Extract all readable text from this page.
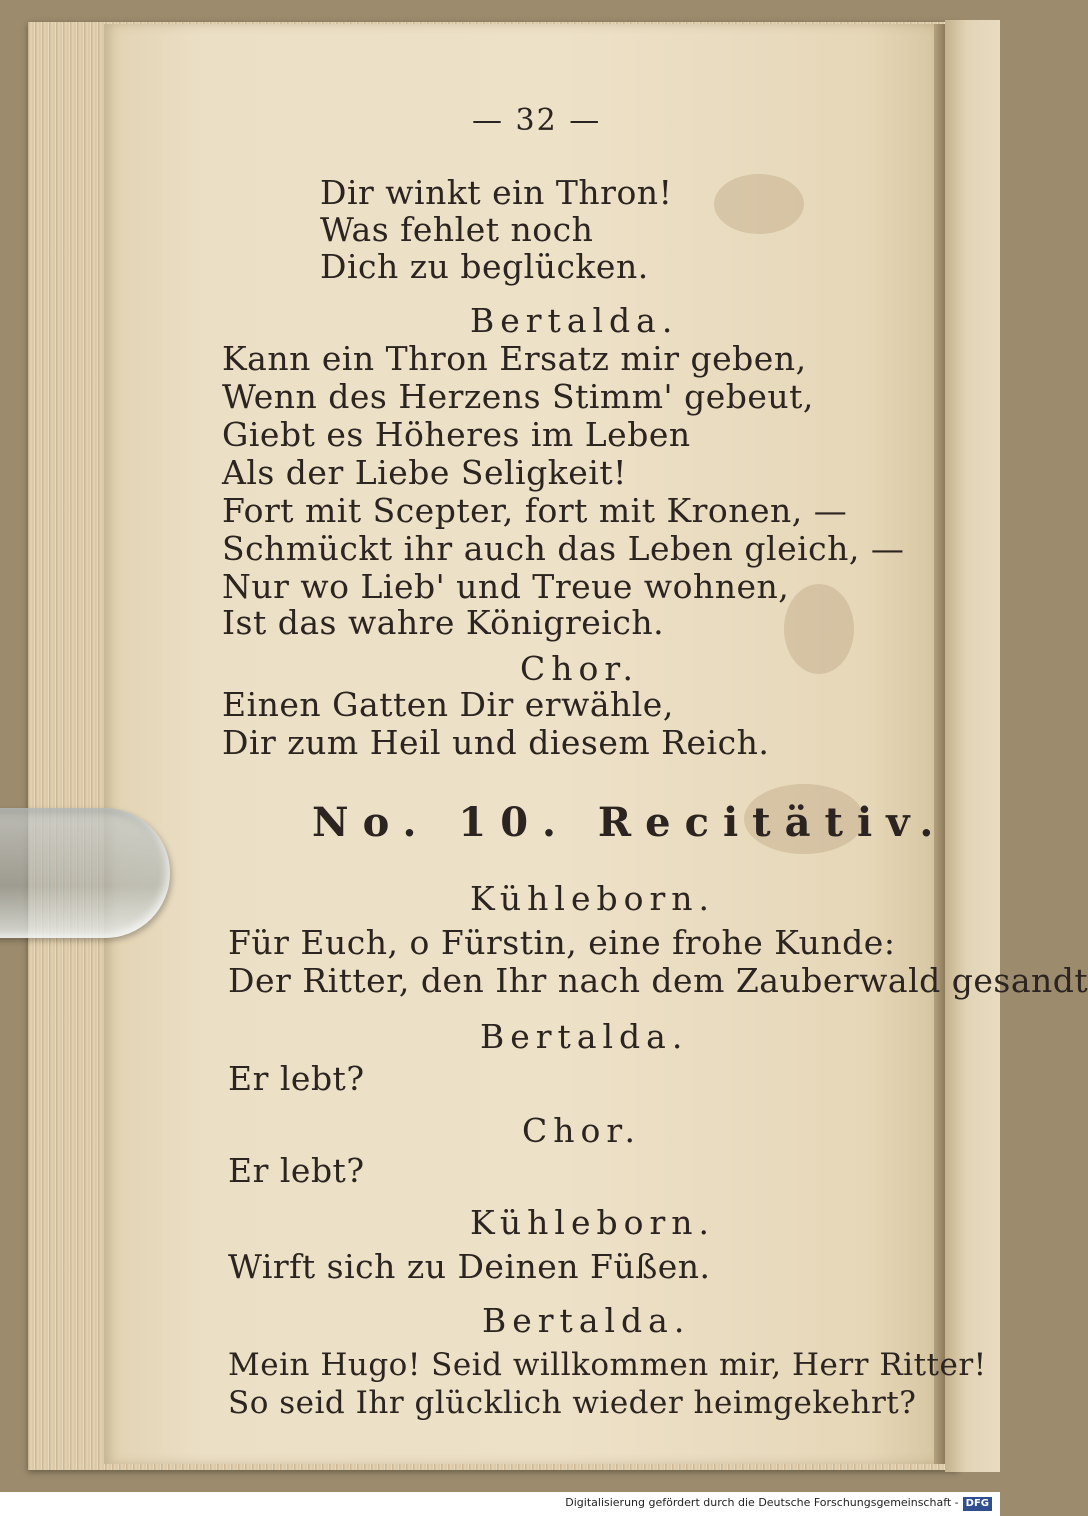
— 32 —
Dir winkt ein Thron!
Was fehlet noch
Dich zu beglücken.
Bertalda.
Kann ein Thron Ersatz mir geben,
Wenn des Herzens Stimm' gebeut,
Giebt es Höheres im Leben
Als der Liebe Seligkeit!
Fort mit Scepter, fort mit Kronen, —
Schmückt ihr auch das Leben gleich, —
Nur wo Lieb' und Treue wohnen,
Ist das wahre Königreich.
Chor.
Einen Gatten Dir erwähle,
Dir zum Heil und diesem Reich.
No. 10. Recitätiv.
Kühleborn.
Für Euch, o Fürstin, eine frohe Kunde:
Der Ritter, den Ihr nach dem Zauberwald gesandt
Bertalda.
Er lebt?
Chor.
Er lebt?
Kühleborn.
Wirft sich zu Deinen Füßen.
Bertalda.
Mein Hugo! Seid willkommen mir, Herr Ritter!
So seid Ihr glücklich wieder heimgekehrt?
Digitalisierung gefördert durch die Deutsche Forschungsgemeinschaft - DFG
